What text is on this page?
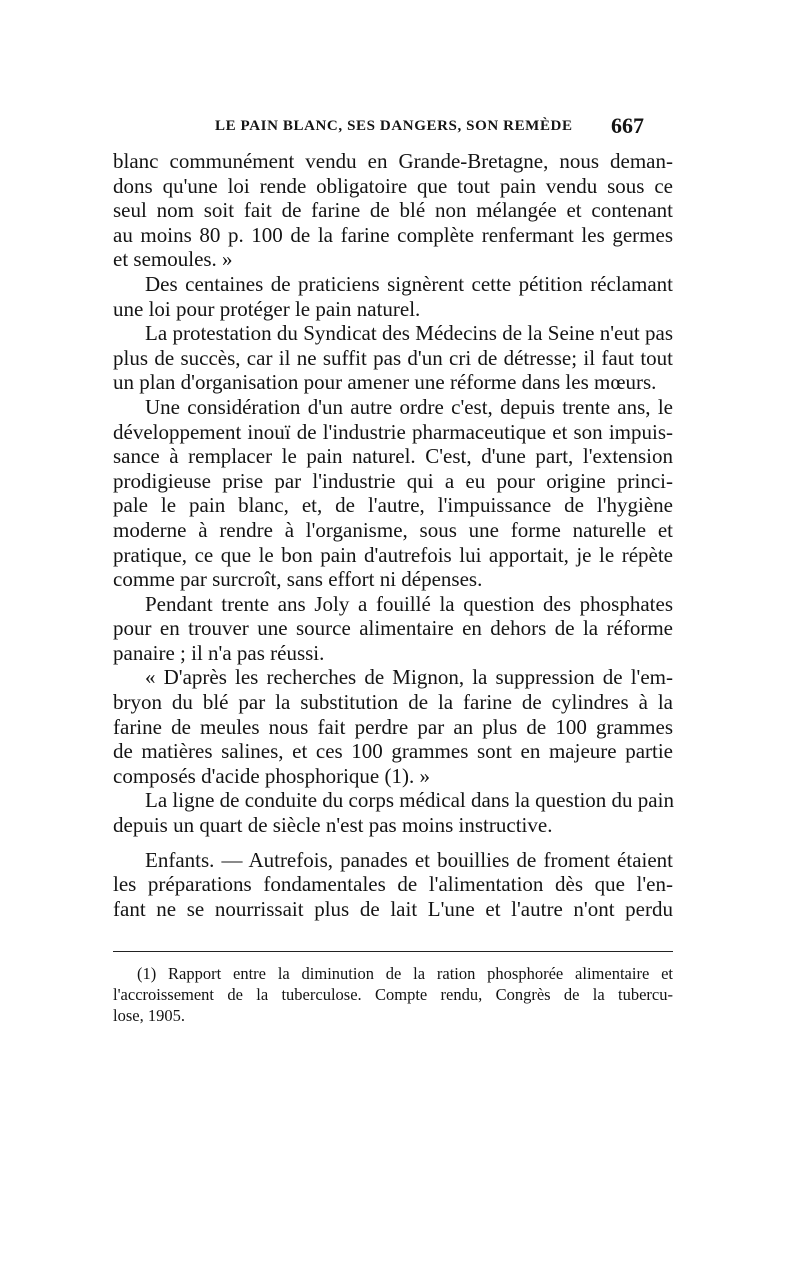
LE PAIN BLANC, SES DANGERS, SON REMÈDE 667
blanc communément vendu en Grande-Bretagne, nous deman-
dons qu'une loi rende obligatoire que tout pain vendu sous ce
seul nom soit fait de farine de blé non mélangée et contenant
au moins 80 p. 100 de la farine complète renfermant les germes
et semoules. »
Des centaines de praticiens signèrent cette pétition réclamant
une loi pour protéger le pain naturel.
La protestation du Syndicat des Médecins de la Seine n'eut pas
plus de succès, car il ne suffit pas d'un cri de détresse; il faut tout
un plan d'organisation pour amener une réforme dans les mœurs.
Une considération d'un autre ordre c'est, depuis trente ans, le
développement inouï de l'industrie pharmaceutique et son impuis-
sance à remplacer le pain naturel. C'est, d'une part, l'extension
prodigieuse prise par l'industrie qui a eu pour origine princi-
pale le pain blanc, et, de l'autre, l'impuissance de l'hygiène
moderne à rendre à l'organisme, sous une forme naturelle et
pratique, ce que le bon pain d'autrefois lui apportait, je le répète
comme par surcroît, sans effort ni dépenses.
Pendant trente ans Joly a fouillé la question des phosphates
pour en trouver une source alimentaire en dehors de la réforme
panaire ; il n'a pas réussi.
« D'après les recherches de Mignon, la suppression de l'em-
bryon du blé par la substitution de la farine de cylindres à la
farine de meules nous fait perdre par an plus de 100 grammes
de matières salines, et ces 100 grammes sont en majeure partie
composés d'acide phosphorique (1). »
La ligne de conduite du corps médical dans la question du pain
depuis un quart de siècle n'est pas moins instructive.
Enfants. — Autrefois, panades et bouillies de froment étaient
les préparations fondamentales de l'alimentation dès que l'en-
fant ne se nourrissait plus de lait L'une et l'autre n'ont perdu
(1) Rapport entre la diminution de la ration phosphorée alimentaire et
l'accroissement de la tuberculose. Compte rendu, Congrès de la tubercu-
lose, 1905.
